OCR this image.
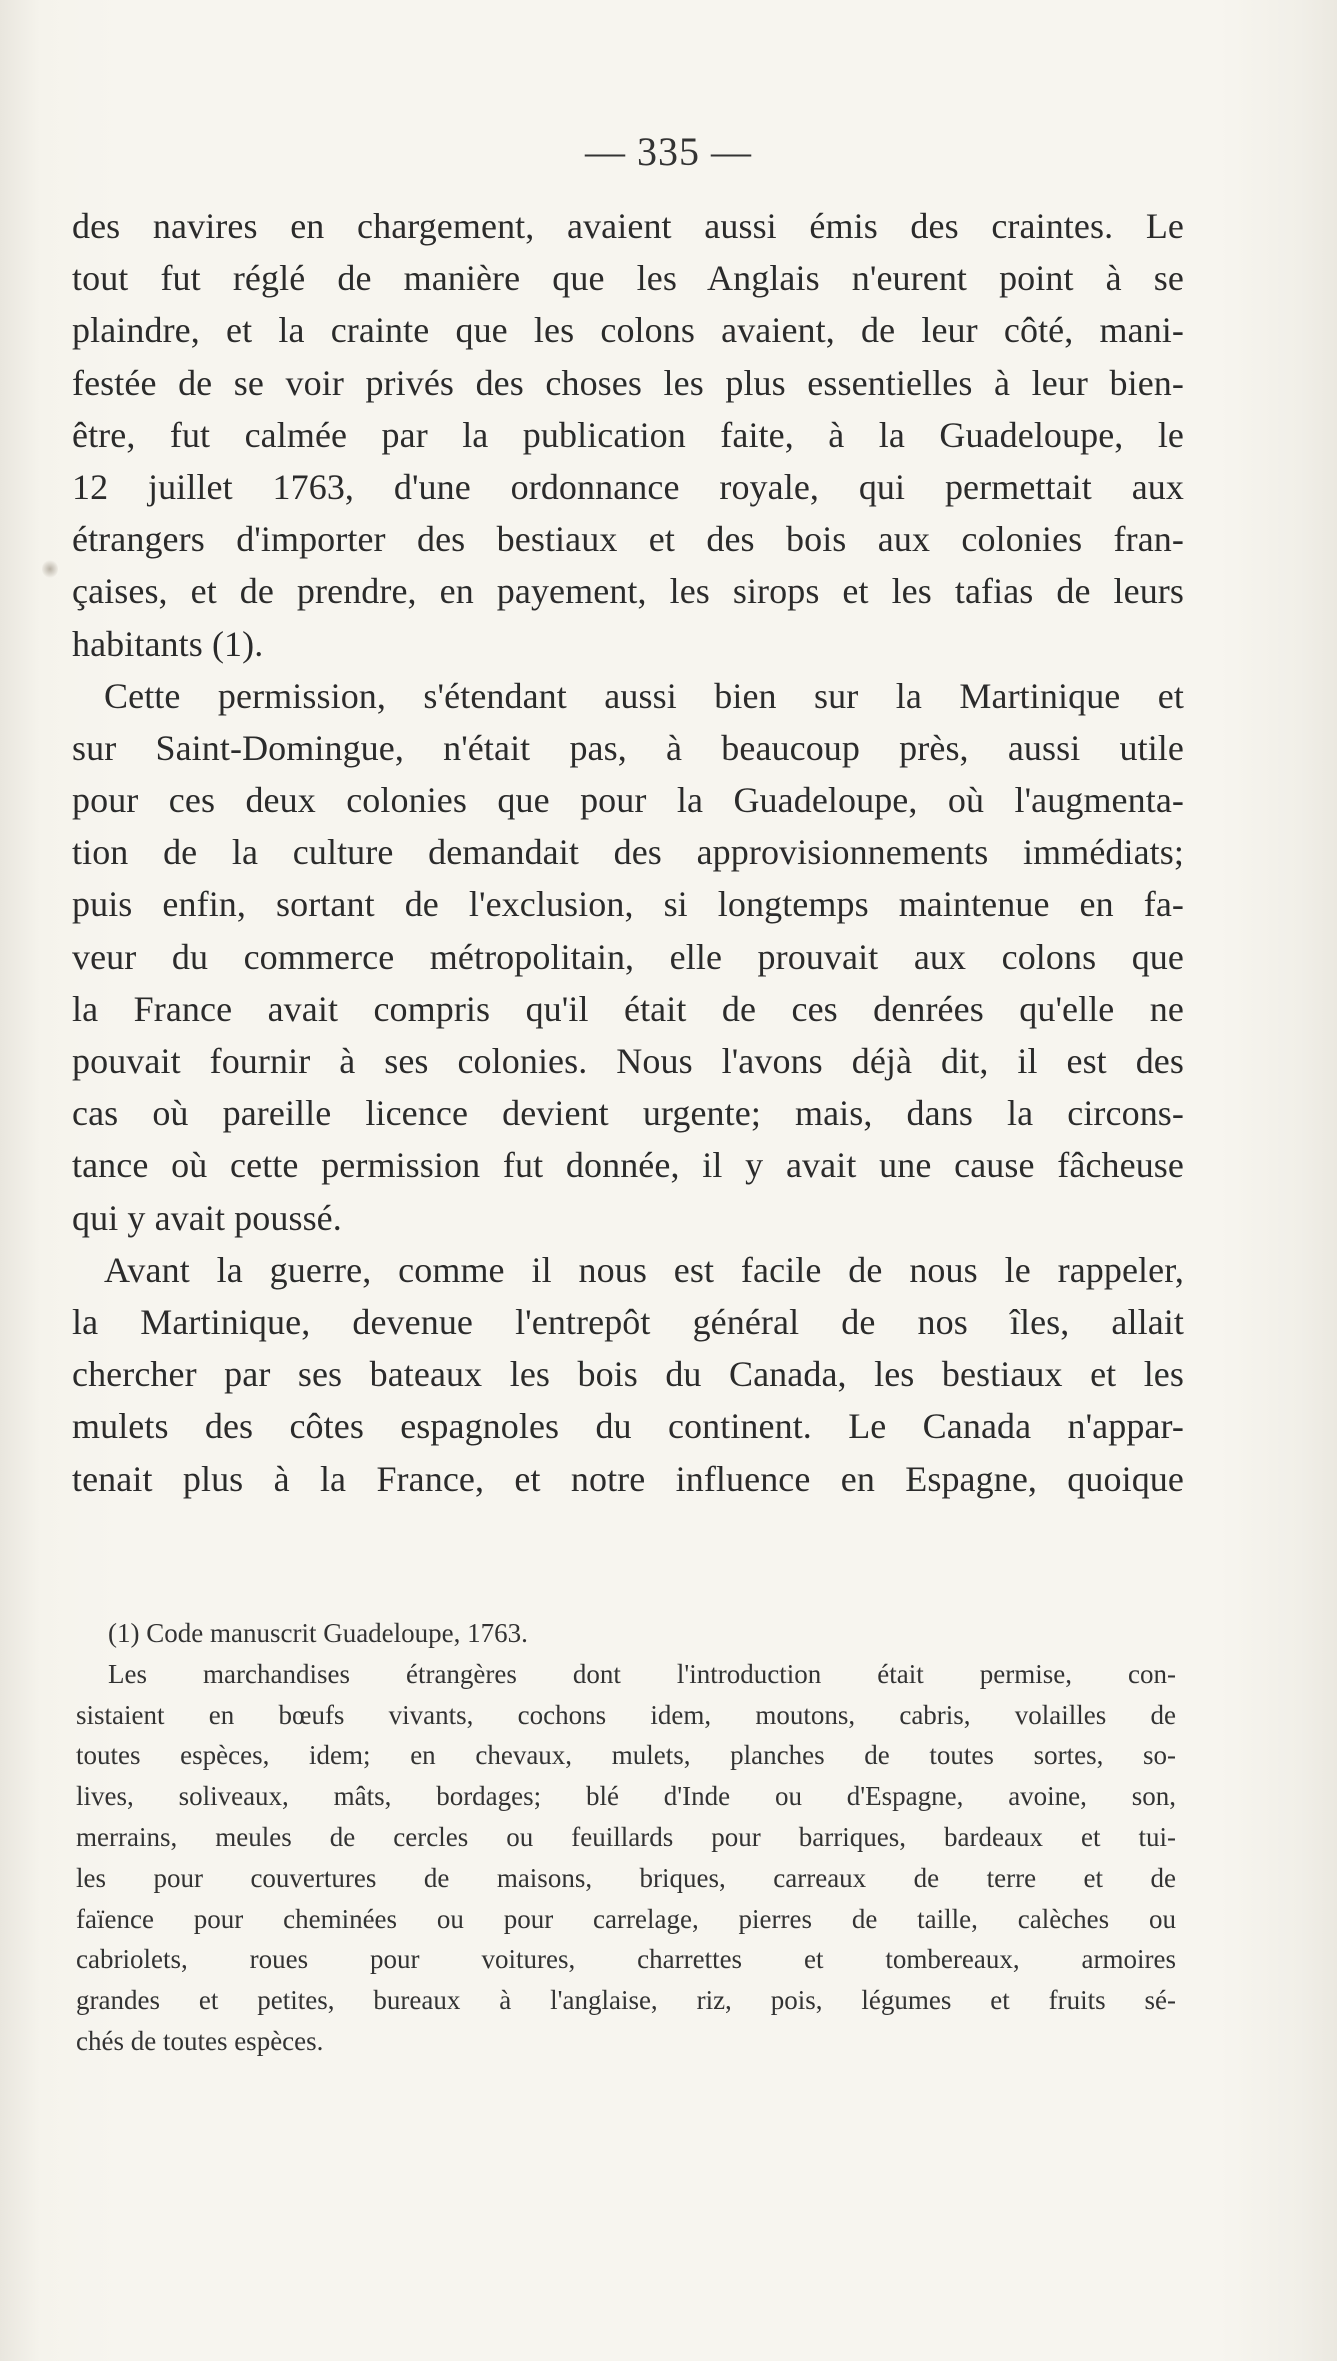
— 335 —
des navires en chargement, avaient aussi émis des craintes. Le
tout fut réglé de manière que les Anglais n'eurent point à se
plaindre, et la crainte que les colons avaient, de leur côté, mani-
festée de se voir privés des choses les plus essentielles à leur bien-
être, fut calmée par la publication faite, à la Guadeloupe, le
12 juillet 1763, d'une ordonnance royale, qui permettait aux
étrangers d'importer des bestiaux et des bois aux colonies fran-
çaises, et de prendre, en payement, les sirops et les tafias de leurs
habitants (1).
Cette permission, s'étendant aussi bien sur la Martinique et
sur Saint-Domingue, n'était pas, à beaucoup près, aussi utile
pour ces deux colonies que pour la Guadeloupe, où l'augmenta-
tion de la culture demandait des approvisionnements immédiats;
puis enfin, sortant de l'exclusion, si longtemps maintenue en fa-
veur du commerce métropolitain, elle prouvait aux colons que
la France avait compris qu'il était de ces denrées qu'elle ne
pouvait fournir à ses colonies. Nous l'avons déjà dit, il est des
cas où pareille licence devient urgente; mais, dans la circons-
tance où cette permission fut donnée, il y avait une cause fâcheuse
qui y avait poussé.
Avant la guerre, comme il nous est facile de nous le rappeler,
la Martinique, devenue l'entrepôt général de nos îles, allait
chercher par ses bateaux les bois du Canada, les bestiaux et les
mulets des côtes espagnoles du continent. Le Canada n'appar-
tenait plus à la France, et notre influence en Espagne, quoique
(1) Code manuscrit Guadeloupe, 1763.
Les marchandises étrangères dont l'introduction était permise, con-
sistaient en bœufs vivants, cochons idem, moutons, cabris, volailles de
toutes espèces, idem; en chevaux, mulets, planches de toutes sortes, so-
lives, soliveaux, mâts, bordages; blé d'Inde ou d'Espagne, avoine, son,
merrains, meules de cercles ou feuillards pour barriques, bardeaux et tui-
les pour couvertures de maisons, briques, carreaux de terre et de
faïence pour cheminées ou pour carrelage, pierres de taille, calèches ou
cabriolets, roues pour voitures, charrettes et tombereaux, armoires
grandes et petites, bureaux à l'anglaise, riz, pois, légumes et fruits sé-
chés de toutes espèces.
